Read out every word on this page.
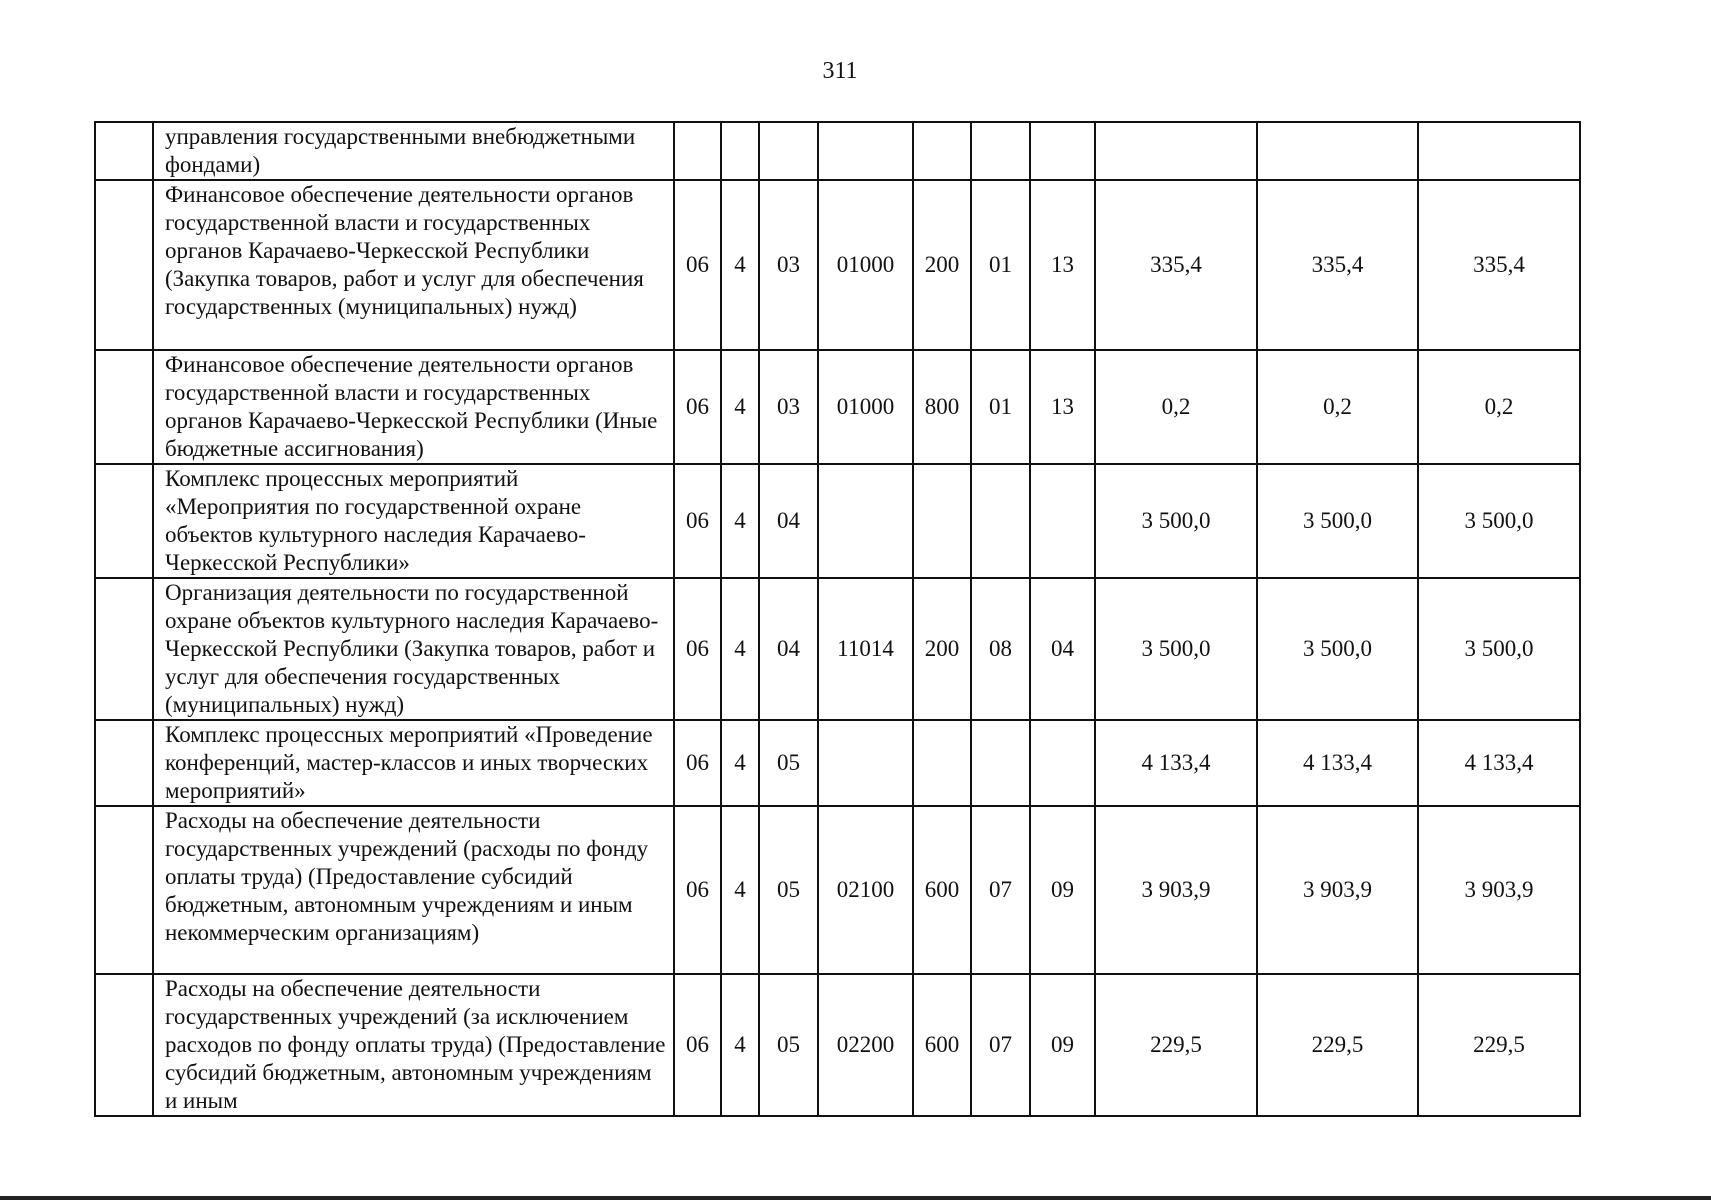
311
	управления государственными внебюджетными фондами)										
	Финансовое обеспечение деятельности органов государственной власти и государственных органов Карачаево-Черкесской Республики (Закупка товаров, работ и услуг для обеспечения государственных (муниципальных) нужд)	06	4	03	01000	200	01	13	335,4	335,4	335,4
	Финансовое обеспечение деятельности органов государственной власти и государственных органов Карачаево-Черкесской Республики (Иные бюджетные ассигнования)	06	4	03	01000	800	01	13	0,2	0,2	0,2
	Комплекс процессных мероприятий «Мероприятия по государственной охране объектов культурного наследия Карачаево-Черкесской Республики»	06	4	04					3 500,0	3 500,0	3 500,0
	Организация деятельности по государственной охране объектов культурного наследия Карачаево-Черкесской Республики (Закупка товаров, работ и услуг для обеспечения государственных (муниципальных) нужд)	06	4	04	11014	200	08	04	3 500,0	3 500,0	3 500,0
	Комплекс процессных мероприятий «Проведение конференций, мастер-классов и иных творческих мероприятий»	06	4	05					4 133,4	4 133,4	4 133,4
	Расходы на обеспечение деятельности государственных учреждений (расходы по фонду оплаты труда) (Предоставление субсидий бюджетным, автономным учреждениям и иным некоммерческим организациям)	06	4	05	02100	600	07	09	3 903,9	3 903,9	3 903,9
	Расходы на обеспечение деятельности государственных учреждений (за исключением расходов по фонду оплаты труда) (Предоставление субсидий бюджетным, автономным учреждениям и иным	06	4	05	02200	600	07	09	229,5	229,5	229,5
